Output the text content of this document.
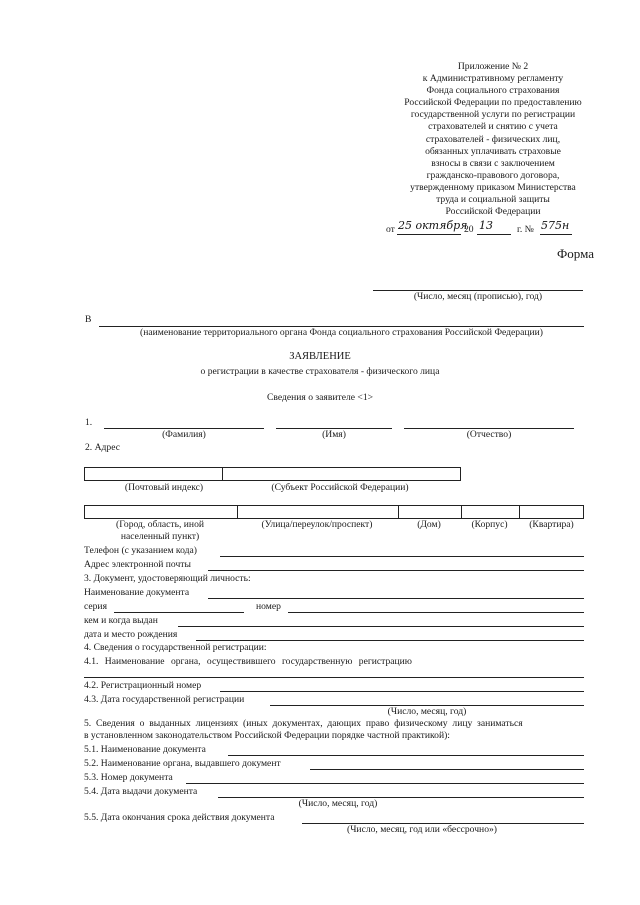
Приложение № 2
к Административному регламенту
Фонда социального страхования
Российской Федерации по предоставлению
государственной услуги по регистрации
страхователей и снятию с учета
страхователей - физических лиц,
обязанных уплачивать страховые
взносы в связи с заключением
гражданско-правового договора,
утвержденному приказом Министерства
труда и социальной защиты
Российской Федерации
от 25 октября
20 13	г. № 575н
Форма
(Число, месяц (прописью), год)
В
(наименование территориального органа Фонда социального страхования Российской Федерации)
ЗАЯВЛЕНИЕ
о регистрации в качестве страхователя - физического лица
Сведения о заявителе <1>
1.
(Фамилия)	(Имя)	(Отчество)
2. Адрес
(Почтовый индекс)	(Субъект Российской Федерации)
(Город, область, иной
населенный пункт)
(Улица/переулок/проспект)	(Дом)	(Корпус)	(Квартира)
Телефон (с указанием кода)
Адрес электронной почты
3. Документ, удостоверяющий личность:
Наименование документа
серия	номер
кем и когда выдан
дата и место рождения
4. Сведения о государственной регистрации:
4.1. Наименование органа, осуществившего государственную регистрацию
4.2. Регистрационный номер
4.3. Дата государственной регистрации
(Число, месяц, год)
5. Сведения о выданных лицензиях (иных документах, дающих право физическому лицу заниматься
в установленном законодательством Российской Федерации порядке частной практикой):
5.1. Наименование документа
5.2. Наименование органа, выдавшего документ
5.3. Номер документа
5.4. Дата выдачи документа
(Число, месяц, год)
5.5. Дата окончания срока действия документа
(Число, месяц, год или «бессрочно»)
